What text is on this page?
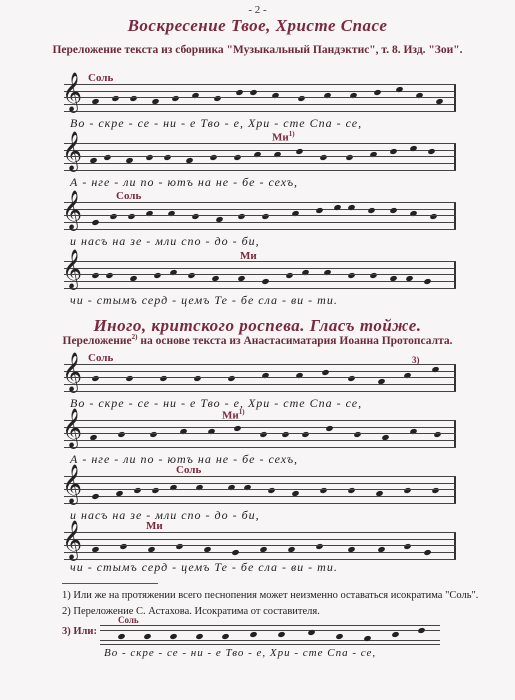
- 2 -
Воскресение Твое, Христе Спасе
Переложение текста из сборника "Музыкальный Пандэктис", т. 8. Изд. "Зои".
Соль
𝄞
Во - скре - се - ни - е Тво - е, Хри - сте Спа - се,
$Ми^{1)}$
𝄞
А - нге - ли по - ютъ на не - бе - сехъ,
Соль
𝄞
и насъ на зе - мли спо - до - би,
Ми
𝄞
чи - стымъ серд - цемъ Те - бе сла - ви - ти.
Иного, критского роспева. Гласъ тойже.
Переложение$^{2)}$ на основе текста из Анастасиматария Иоанна Протопсалта.
Соль	3)
𝄞
Во - скре - се - ни - е Тво - е, Хри - сте Спа - се,
$Ми^{1)}$
𝄞
А - нге - ли по - ютъ на не - бе - сехъ,
Соль
𝄞
и насъ на зе - мли спо - до - би,
Ми
𝄞
чи - стымъ серд - цемъ Те - бе сла - ви - ти.
1) Или же на протяжении всего песнопения может неизменно оставаться исократима "Соль".
2) Переложение С. Астахова. Исократима от составителя.
3) Или:
Соль
Во - скре - се - ни - е Тво - е, Хри - сте Спа - се,
